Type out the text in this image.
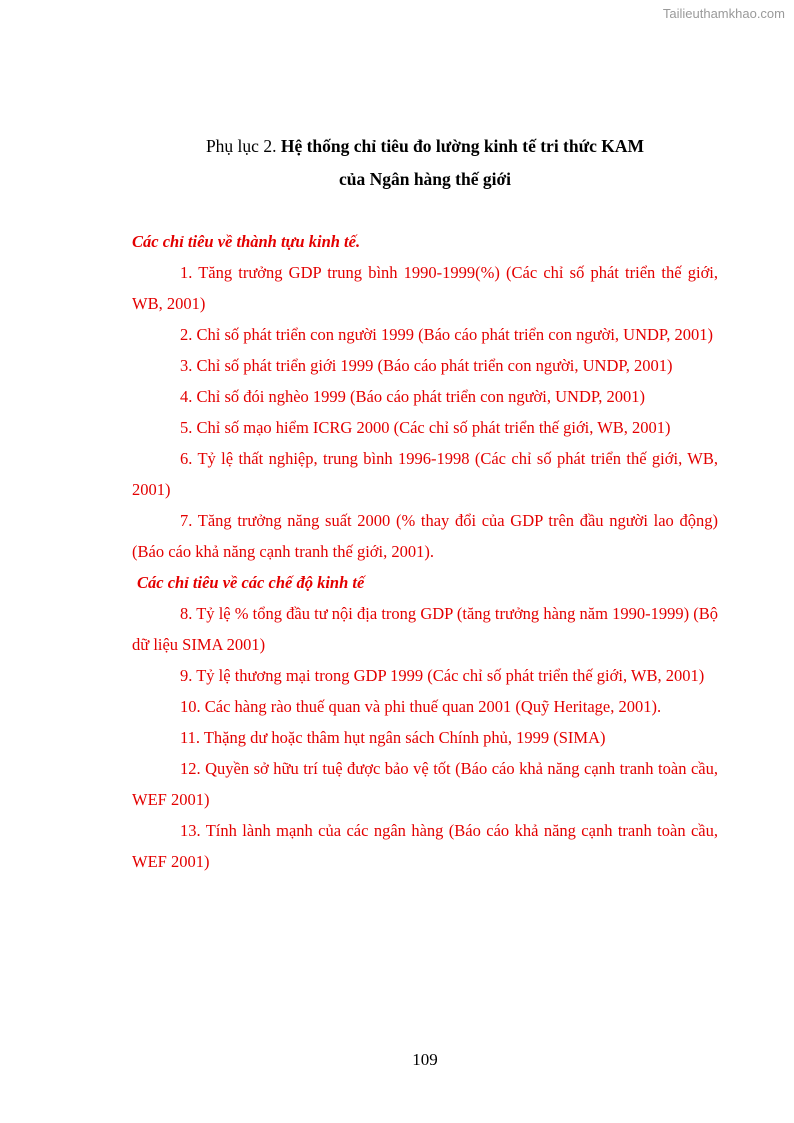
Tailieuthamkhao.com
Phụ lục 2. Hệ thống chỉ tiêu đo lường kinh tế tri thức KAM
của Ngân hàng thế giới
Các chỉ tiêu về thành tựu kinh tế.
1. Tăng trưởng GDP trung bình 1990-1999(%) (Các chỉ số phát triển thế giới, WB, 2001)
2. Chỉ số phát triển con người 1999 (Báo cáo phát triển con người, UNDP, 2001)
3. Chỉ số phát triển giới 1999 (Báo cáo phát triển con người, UNDP, 2001)
4. Chỉ số đói nghèo 1999 (Báo cáo phát triển con người, UNDP, 2001)
5. Chỉ số mạo hiểm ICRG 2000 (Các chỉ số phát triển thế giới, WB, 2001)
6. Tỷ lệ thất nghiệp, trung bình 1996-1998 (Các chỉ số phát triển thế giới, WB, 2001)
7. Tăng trưởng năng suất 2000 (% thay đổi của GDP trên đầu người lao động) (Báo cáo khả năng cạnh tranh thế giới, 2001).
Các chỉ tiêu về các chế độ kinh tế
8. Tỷ lệ % tổng đầu tư nội địa trong GDP (tăng trưởng hàng năm 1990-1999) (Bộ dữ liệu SIMA 2001)
9. Tỷ lệ thương mại trong GDP 1999 (Các chỉ số phát triển thế giới, WB, 2001)
10. Các hàng rào thuế quan và phi thuế quan 2001 (Quỹ Heritage, 2001).
11. Thặng dư hoặc thâm hụt ngân sách Chính phủ, 1999 (SIMA)
12. Quyền sở hữu trí tuệ được bảo vệ tốt (Báo cáo khả năng cạnh tranh toàn cầu, WEF 2001)
13. Tính lành mạnh của các ngân hàng (Báo cáo khả năng cạnh tranh toàn cầu, WEF 2001)
109
